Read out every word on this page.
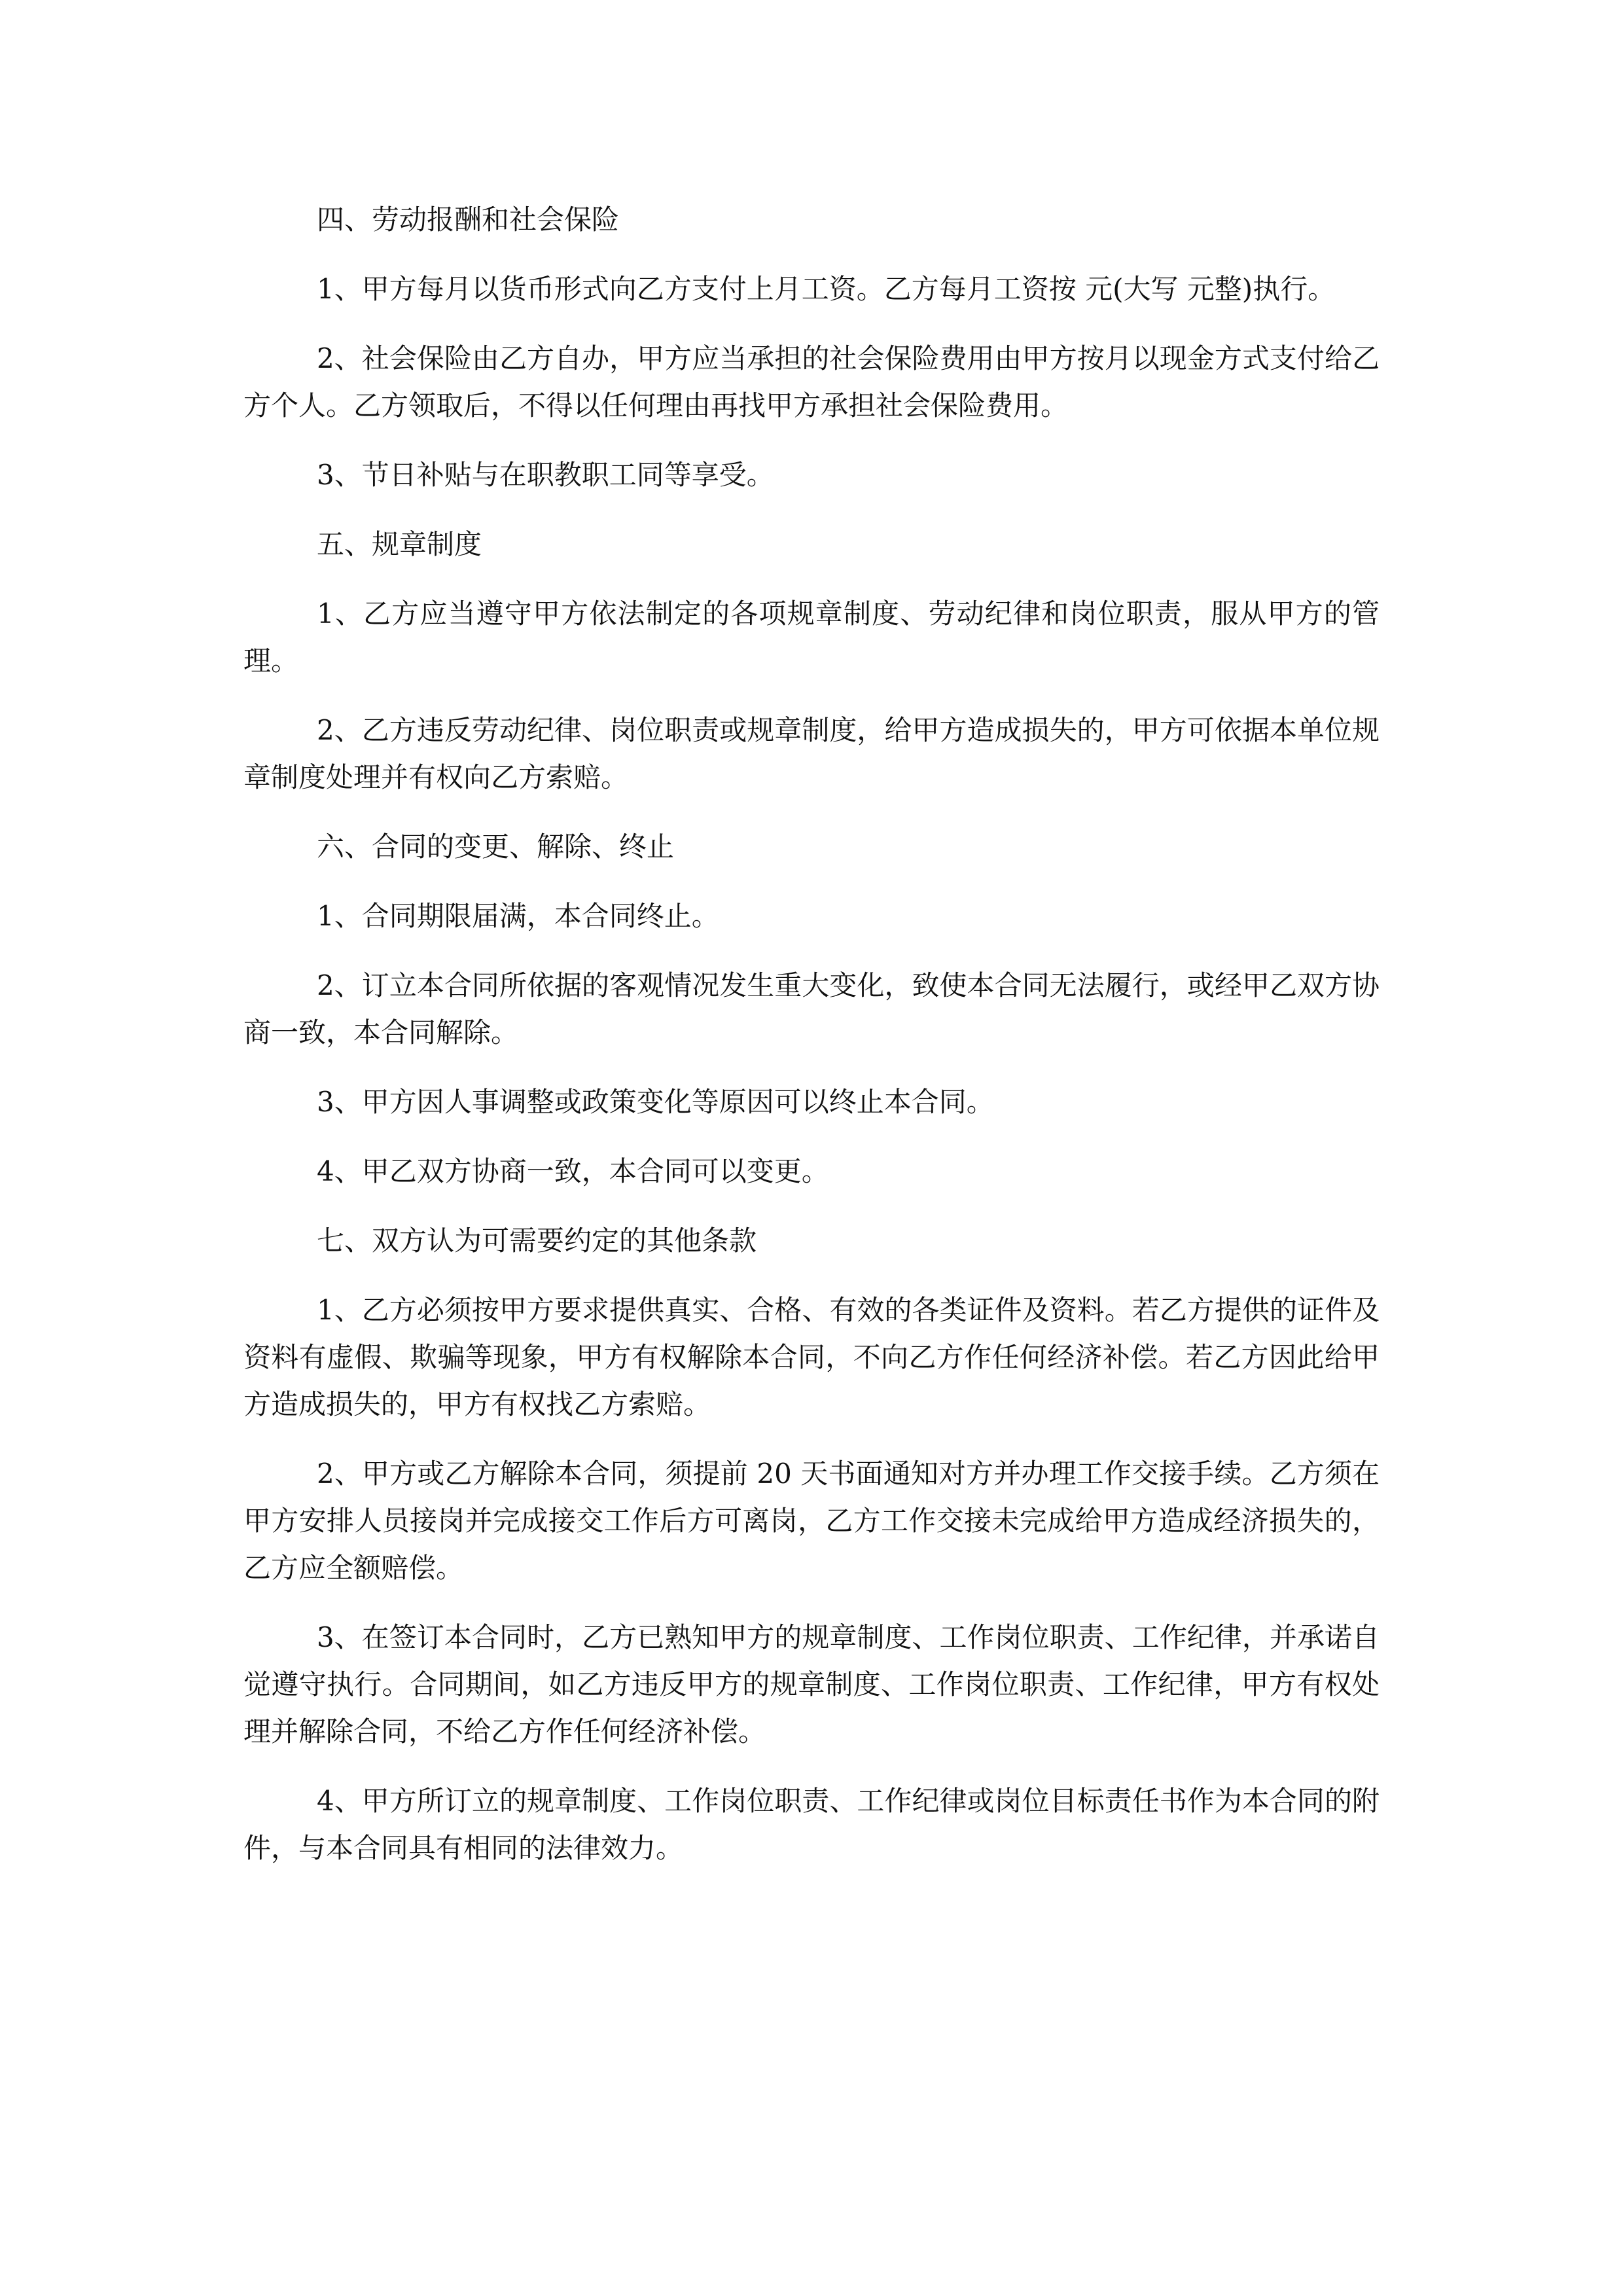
四、劳动报酬和社会保险

1、甲方每月以货币形式向乙方支付上月工资。乙方每月工资按 元(大写 元整)执行。

2、社会保险由乙方自办，甲方应当承担的社会保险费用由甲方按月以现金方式支付给乙方个人。乙方领取后，不得以任何理由再找甲方承担社会保险费用。

3、节日补贴与在职教职工同等享受。

五、规章制度

1、乙方应当遵守甲方依法制定的各项规章制度、劳动纪律和岗位职责，服从甲方的管理。

2、乙方违反劳动纪律、岗位职责或规章制度，给甲方造成损失的，甲方可依据本单位规章制度处理并有权向乙方索赔。

六、合同的变更、解除、终止

1、合同期限届满，本合同终止。

2、订立本合同所依据的客观情况发生重大变化，致使本合同无法履行，或经甲乙双方协商一致，本合同解除。

3、甲方因人事调整或政策变化等原因可以终止本合同。

4、甲乙双方协商一致，本合同可以变更。

七、双方认为可需要约定的其他条款

1、乙方必须按甲方要求提供真实、合格、有效的各类证件及资料。若乙方提供的证件及资料有虚假、欺骗等现象，甲方有权解除本合同，不向乙方作任何经济补偿。若乙方因此给甲方造成损失的，甲方有权找乙方索赔。

2、甲方或乙方解除本合同，须提前 20 天书面通知对方并办理工作交接手续。乙方须在甲方安排人员接岗并完成接交工作后方可离岗，乙方工作交接未完成给甲方造成经济损失的，乙方应全额赔偿。

3、在签订本合同时，乙方已熟知甲方的规章制度、工作岗位职责、工作纪律，并承诺自觉遵守执行。合同期间，如乙方违反甲方的规章制度、工作岗位职责、工作纪律，甲方有权处理并解除合同，不给乙方作任何经济补偿。

4、甲方所订立的规章制度、工作岗位职责、工作纪律或岗位目标责任书作为本合同的附件，与本合同具有相同的法律效力。
